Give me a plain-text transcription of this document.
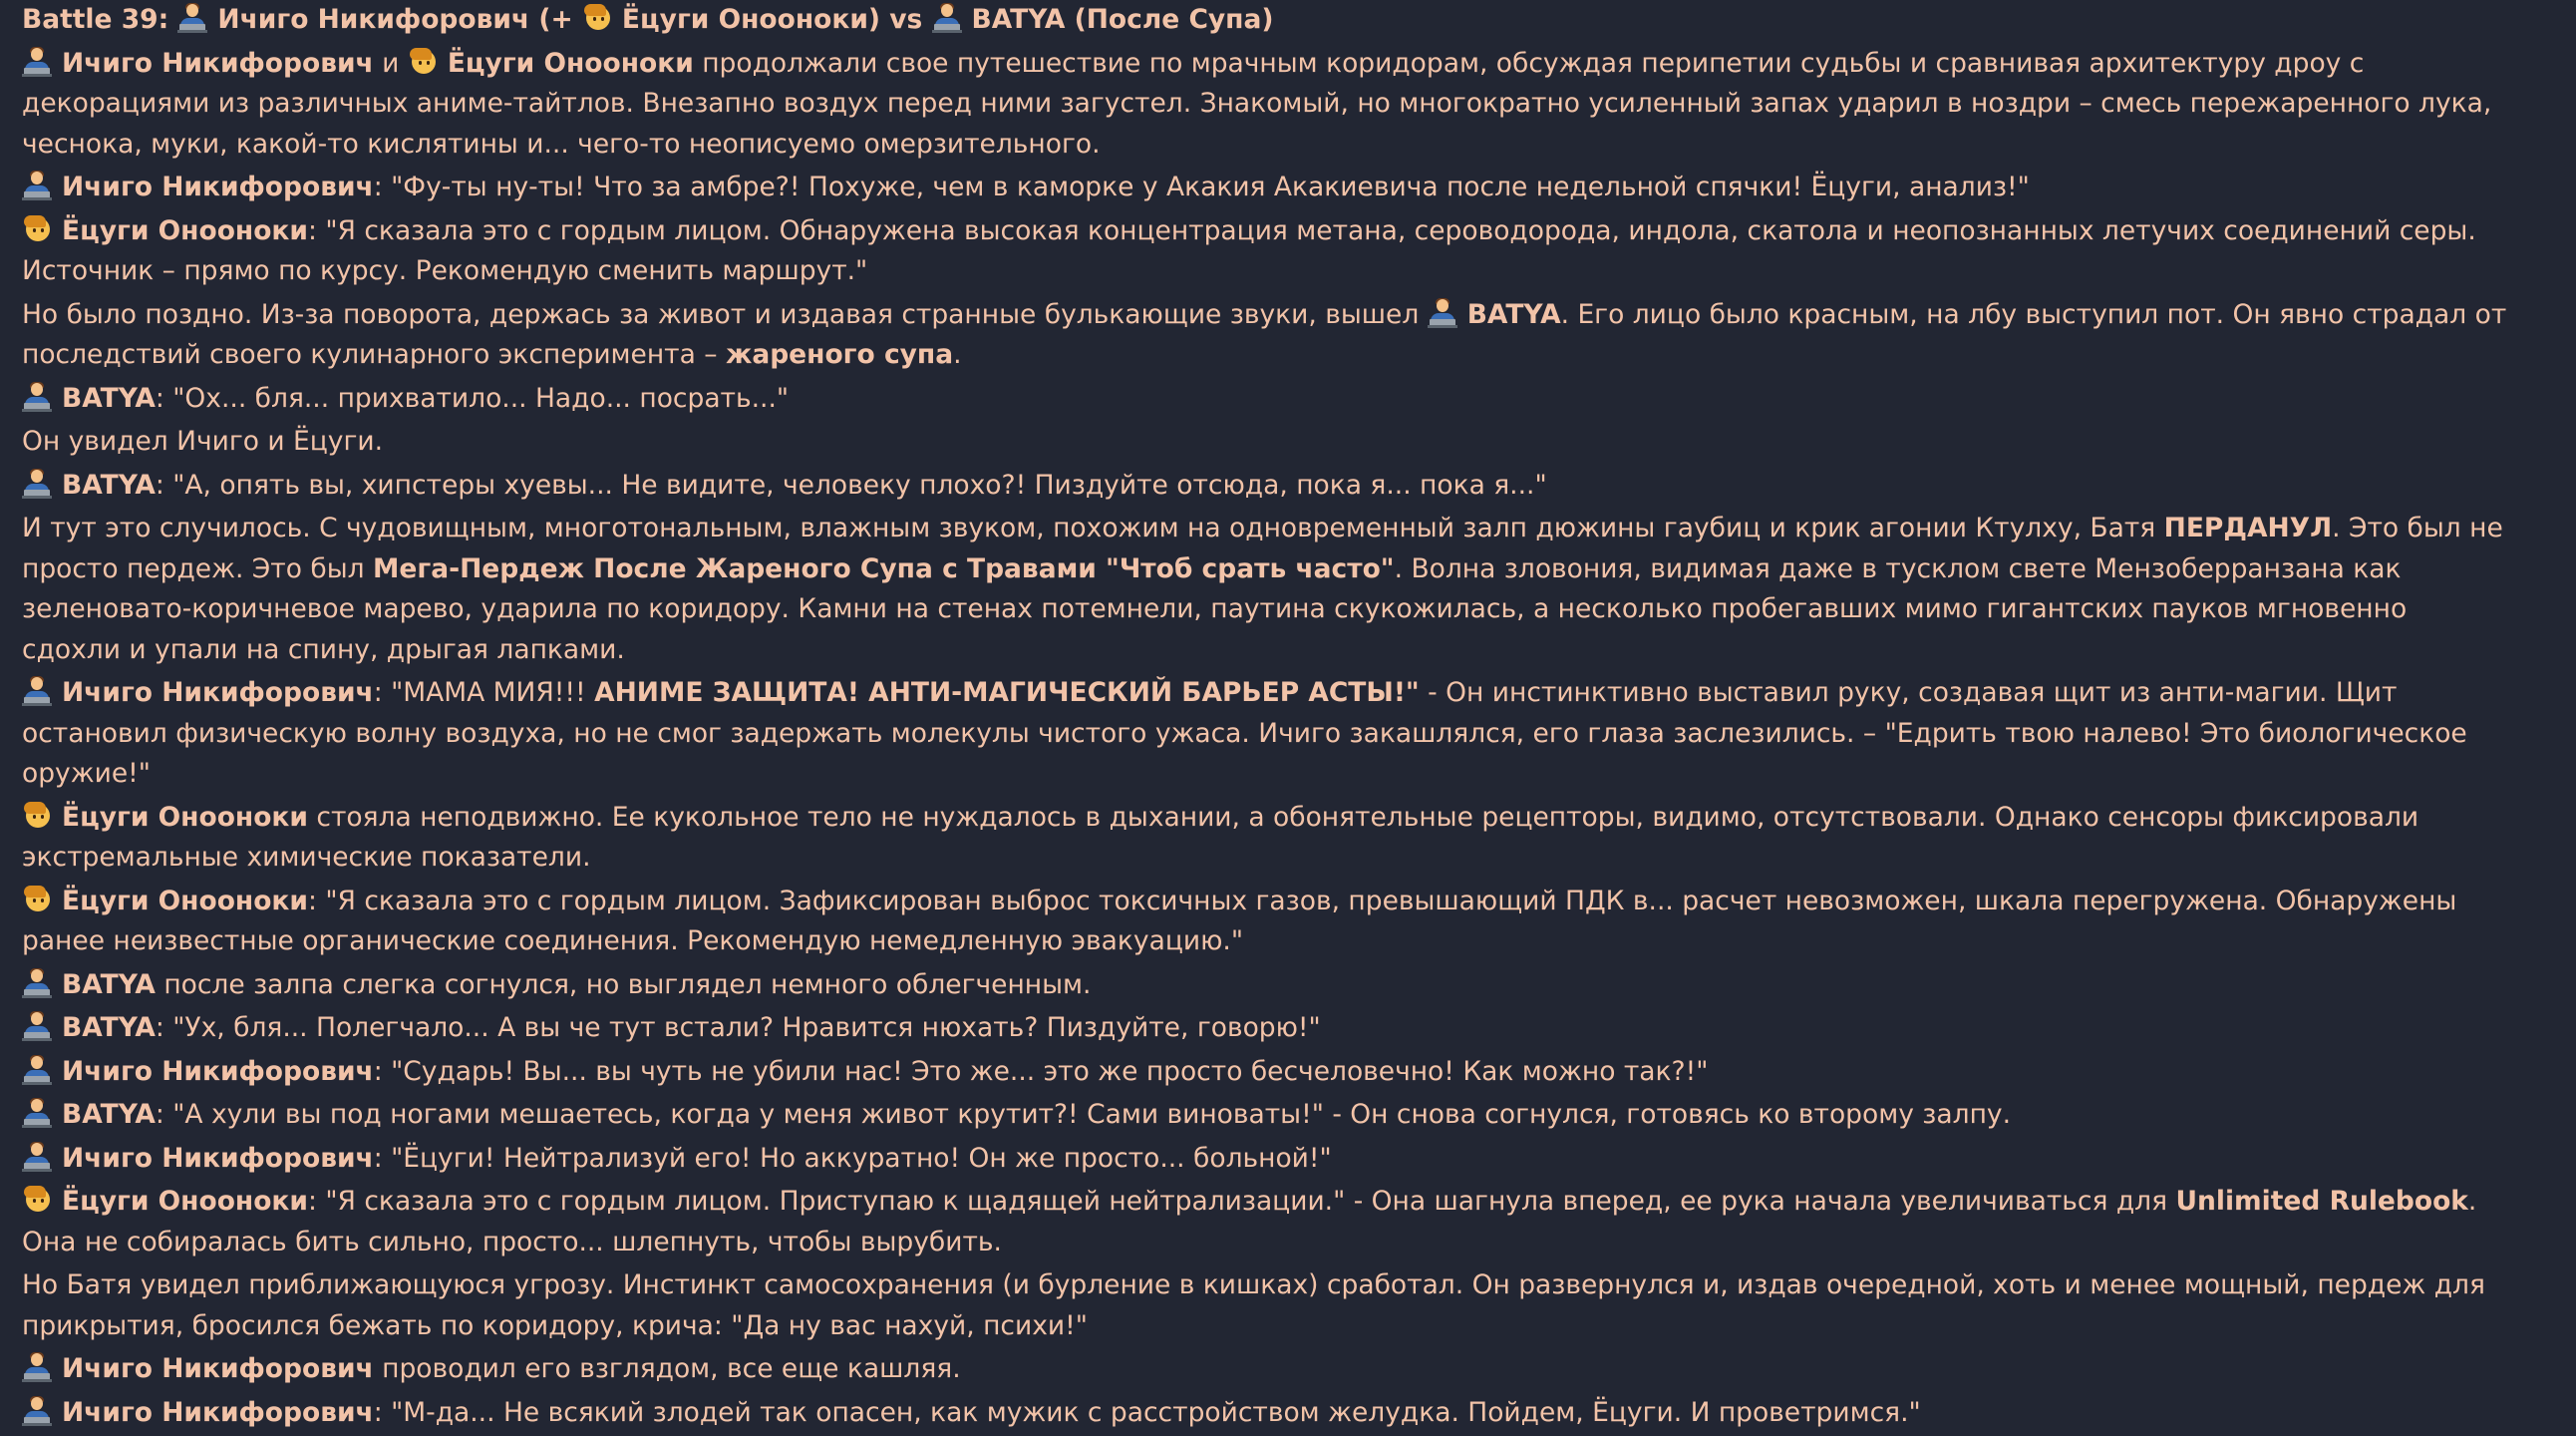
Battle 39:
Ичиго Никифорович (+
Ёцуги Онооноки) vs
BATYA (После Супа)
Ичиго Никифорович и
Ёцуги Онооноки продолжали свое путешествие по мрачным коридорам, обсуждая перипетии судьбы и сравнивая архитектуру дроу с декорациями из различных аниме-тайтлов. Внезапно воздух перед ними загустел. Знакомый, но многократно усиленный запах ударил в ноздри – смесь пережаренного лука, чеснока, муки, какой-то кислятины и... чего-то неописуемо омерзительного.
Ичиго Никифорович: "Фу-ты ну-ты! Что за амбре?! Похуже, чем в каморке у Акакия Акакиевича после недельной спячки! Ёцуги, анализ!"
Ёцуги Онооноки: "Я сказала это с гордым лицом. Обнаружена высокая концентрация метана, сероводорода, индола, скатола и неопознанных летучих соединений серы. Источник – прямо по курсу. Рекомендую сменить маршрут."
Но было поздно. Из-за поворота, держась за живот и издавая странные булькающие звуки, вышел
BATYA. Его лицо было красным, на лбу выступил пот. Он явно страдал от последствий своего кулинарного эксперимента – жареного супа.
BATYA: "Ох... бля... прихватило... Надо... посрать..."
Он увидел Ичиго и Ёцуги.
BATYA: "А, опять вы, хипстеры хуевы... Не видите, человеку плохо?! Пиздуйте отсюда, пока я... пока я..."
И тут это случилось. С чудовищным, многотональным, влажным звуком, похожим на одновременный залп дюжины гаубиц и крик агонии Ктулху, Батя ПЕРДАНУЛ. Это был не просто пердеж. Это был Мега-Пердеж После Жареного Супа с Травами "Чтоб срать часто". Волна зловония, видимая даже в тусклом свете Мензоберранзана как зеленовато-коричневое марево, ударила по коридору. Камни на стенах потемнели, паутина скукожилась, а несколько пробегавших мимо гигантских пауков мгновенно сдохли и упали на спину, дрыгая лапками.
Ичиго Никифорович: "МАМА МИЯ!!! АНИМЕ ЗАЩИТА! АНТИ-МАГИЧЕСКИЙ БАРЬЕР АСТЫ!" - Он инстинктивно выставил руку, создавая щит из анти-магии. Щит остановил физическую волну воздуха, но не смог задержать молекулы чистого ужаса. Ичиго закашлялся, его глаза заслезились. – "Едрить твою налево! Это биологическое оружие!"
Ёцуги Онооноки стояла неподвижно. Ее кукольное тело не нуждалось в дыхании, а обонятельные рецепторы, видимо, отсутствовали. Однако сенсоры фиксировали экстремальные химические показатели.
Ёцуги Онооноки: "Я сказала это с гордым лицом. Зафиксирован выброс токсичных газов, превышающий ПДК в... расчет невозможен, шкала перегружена. Обнаружены ранее неизвестные органические соединения. Рекомендую немедленную эвакуацию."
BATYA после залпа слегка согнулся, но выглядел немного облегченным.
BATYA: "Ух, бля... Полегчало... А вы че тут встали? Нравится нюхать? Пиздуйте, говорю!"
Ичиго Никифорович: "Сударь! Вы... вы чуть не убили нас! Это же... это же просто бесчеловечно! Как можно так?!"
BATYA: "А хули вы под ногами мешаетесь, когда у меня живот крутит?! Сами виноваты!" - Он снова согнулся, готовясь ко второму залпу.
Ичиго Никифорович: "Ёцуги! Нейтрализуй его! Но аккуратно! Он же просто... больной!"
Ёцуги Онооноки: "Я сказала это с гордым лицом. Приступаю к щадящей нейтрализации." - Она шагнула вперед, ее рука начала увеличиваться для Unlimited Rulebook. Она не собиралась бить сильно, просто... шлепнуть, чтобы вырубить.
Но Батя увидел приближающуюся угрозу. Инстинкт самосохранения (и бурление в кишках) сработал. Он развернулся и, издав очередной, хоть и менее мощный, пердеж для прикрытия, бросился бежать по коридору, крича: "Да ну вас нахуй, психи!"
Ичиго Никифорович проводил его взглядом, все еще кашляя.
Ичиго Никифорович: "М-да... Не всякий злодей так опасен, как мужик с расстройством желудка. Пойдем, Ёцуги. И проветримся."
